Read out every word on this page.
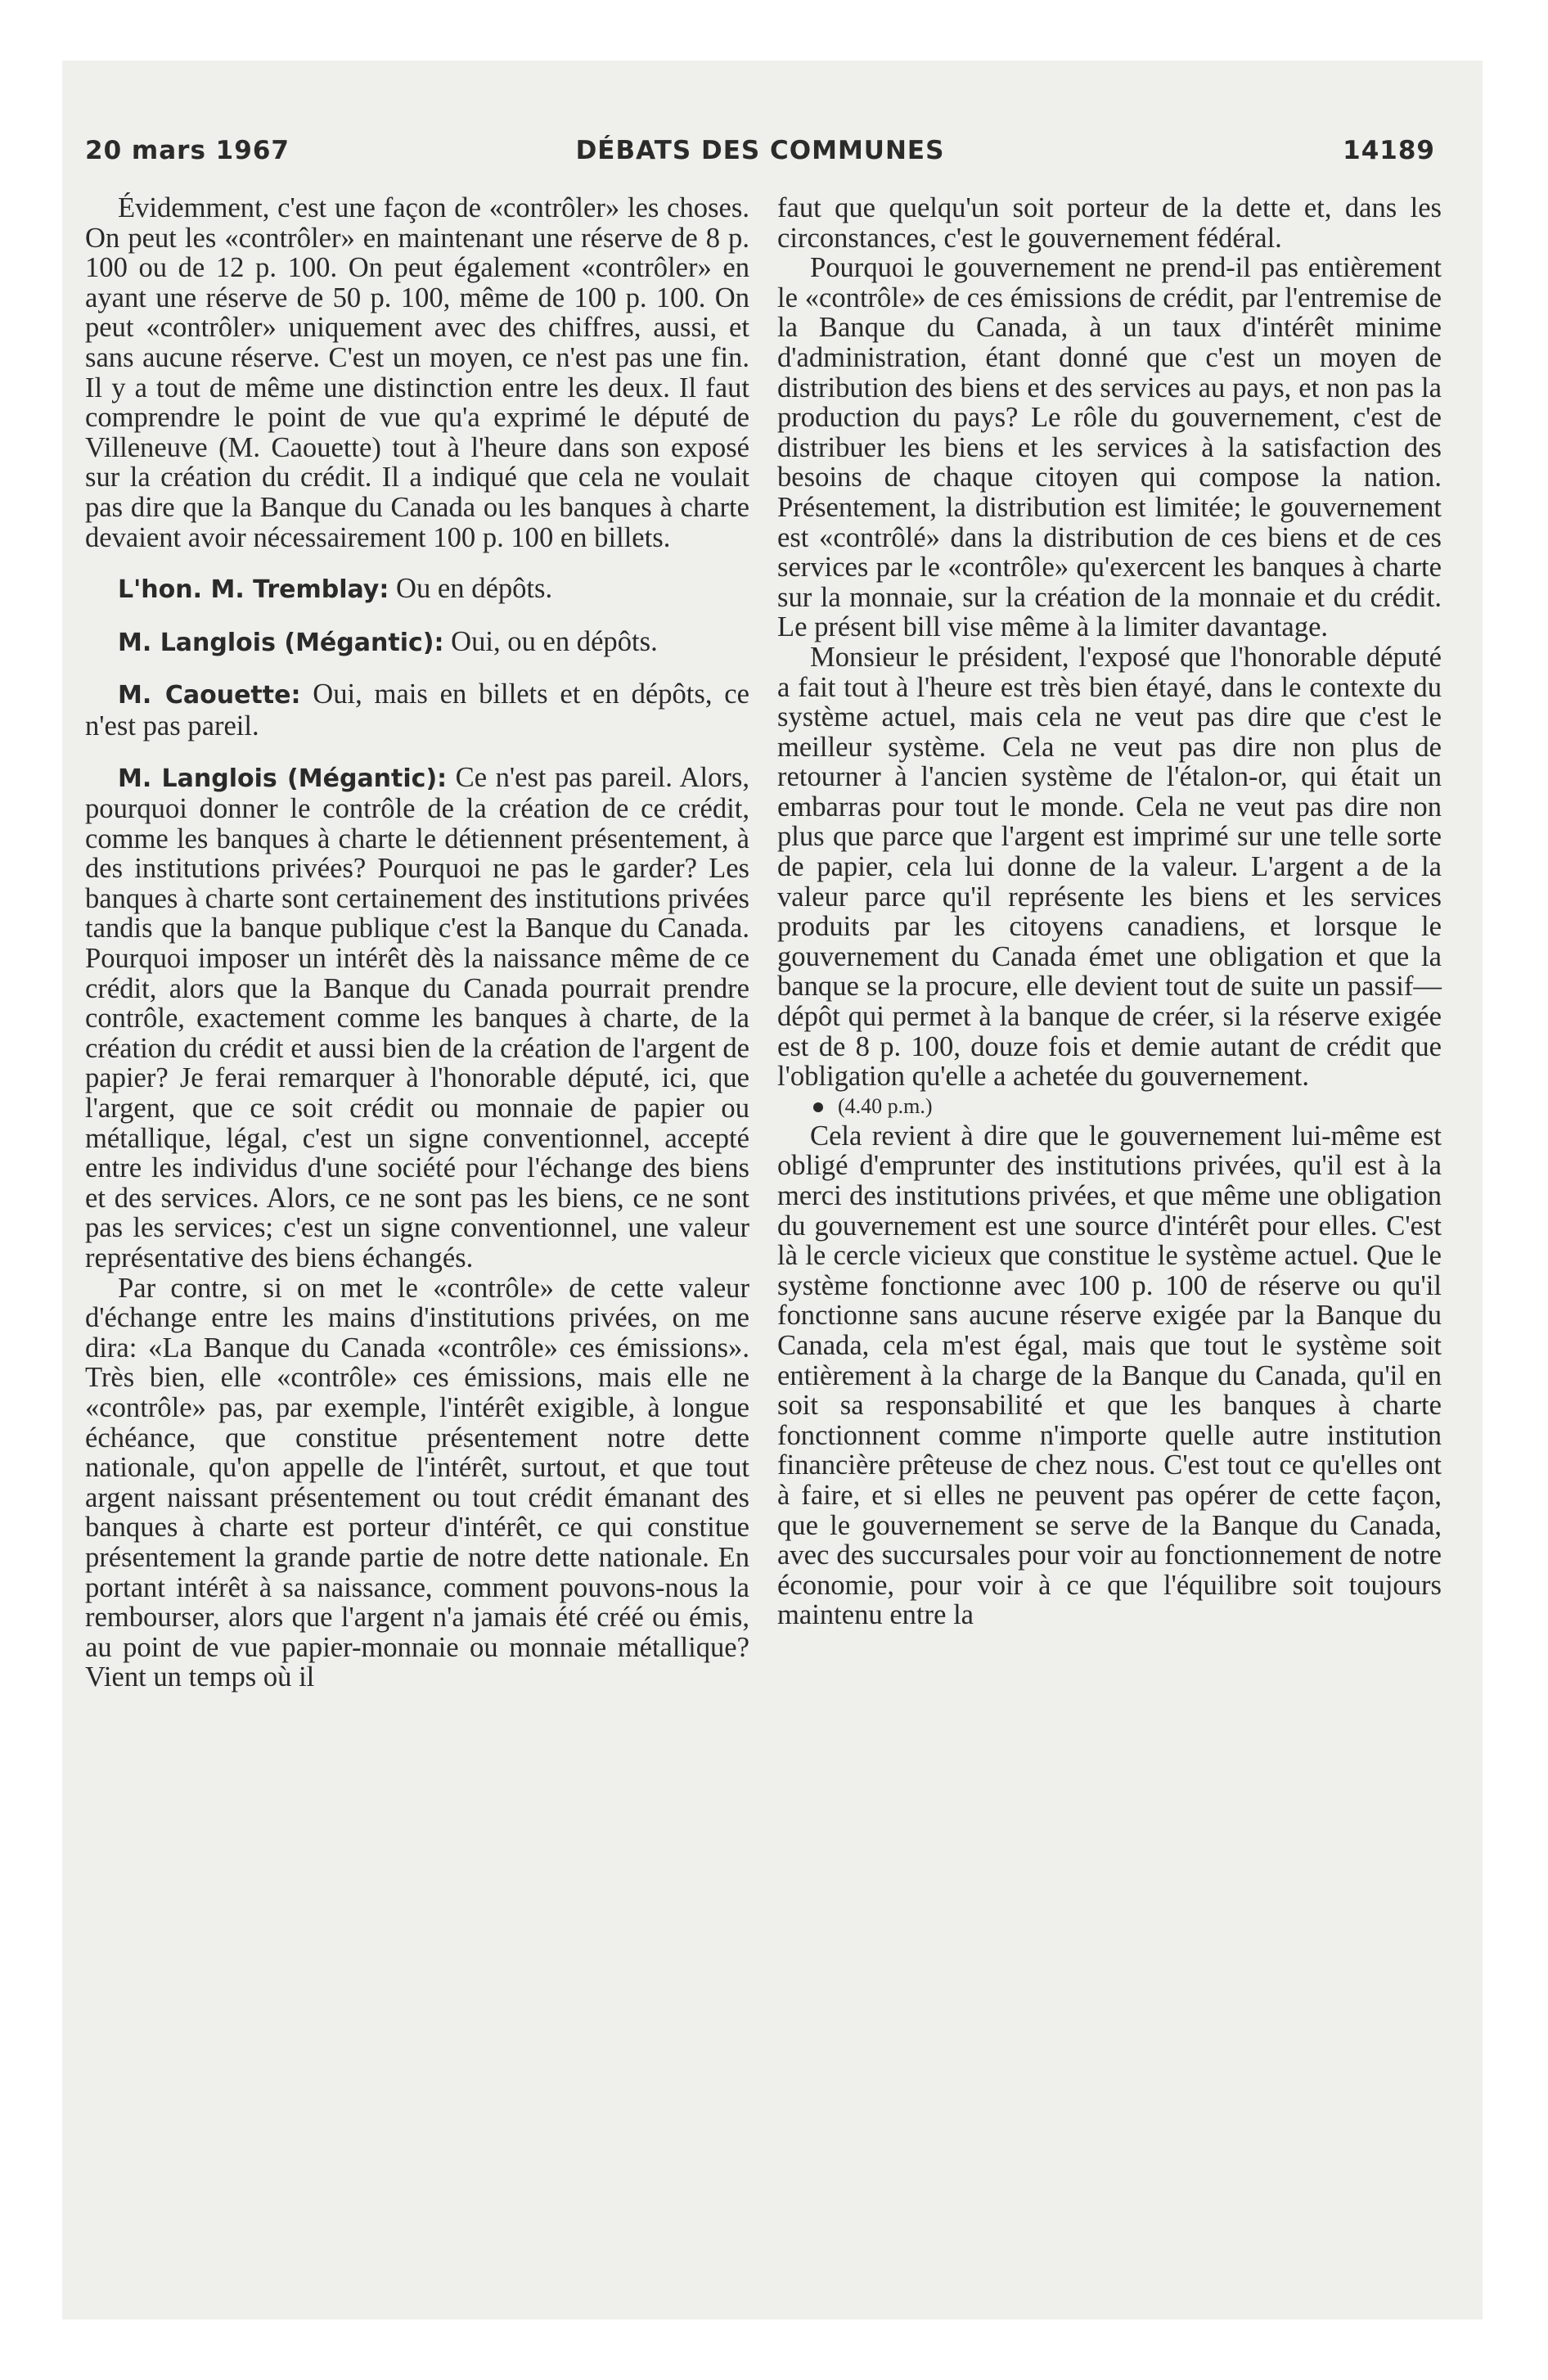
20 mars 1967	DÉBATS DES COMMUNES	14189

Évidemment, c'est une façon de «contrôler» les choses. On peut les «contrôler» en maintenant une réserve de 8 p. 100 ou de 12 p. 100. On peut également «contrôler» en ayant une réserve de 50 p. 100, même de 100 p. 100. On peut «contrôler» uniquement avec des chiffres, aussi, et sans aucune réserve. C'est un moyen, ce n'est pas une fin. Il y a tout de même une distinction entre les deux. Il faut comprendre le point de vue qu'a exprimé le député de Villeneuve (M. Caouette) tout à l'heure dans son exposé sur la création du crédit. Il a indiqué que cela ne voulait pas dire que la Banque du Canada ou les banques à charte devaient avoir nécessairement 100 p. 100 en billets.

L'hon. M. Tremblay: Ou en dépôts.

M. Langlois (Mégantic): Oui, ou en dépôts.

M. Caouette: Oui, mais en billets et en dépôts, ce n'est pas pareil.

M. Langlois (Mégantic): Ce n'est pas pareil. Alors, pourquoi donner le contrôle de la création de ce crédit, comme les banques à charte le détiennent présentement, à des institutions privées? Pourquoi ne pas le garder? Les banques à charte sont certainement des institutions privées tandis que la banque publique c'est la Banque du Canada. Pourquoi imposer un intérêt dès la naissance même de ce crédit, alors que la Banque du Canada pourrait prendre contrôle, exactement comme les banques à charte, de la création du crédit et aussi bien de la création de l'argent de papier? Je ferai remarquer à l'honorable député, ici, que l'argent, que ce soit crédit ou monnaie de papier ou métallique, légal, c'est un signe conventionnel, accepté entre les individus d'une société pour l'échange des biens et des services. Alors, ce ne sont pas les biens, ce ne sont pas les services; c'est un signe conventionnel, une valeur représentative des biens échangés.

Par contre, si on met le «contrôle» de cette valeur d'échange entre les mains d'institutions privées, on me dira: «La Banque du Canada «contrôle» ces émissions». Très bien, elle «contrôle» ces émissions, mais elle ne «contrôle» pas, par exemple, l'intérêt exigible, à longue échéance, que constitue présentement notre dette nationale, qu'on appelle de l'intérêt, surtout, et que tout argent naissant présentement ou tout crédit émanant des banques à charte est porteur d'intérêt, ce qui constitue présentement la grande partie de notre dette nationale. En portant intérêt à sa naissance, comment pouvons-nous la rembourser, alors que l'argent n'a jamais été créé ou émis, au point de vue papier-monnaie ou monnaie métallique? Vient un temps où il

faut que quelqu'un soit porteur de la dette et, dans les circonstances, c'est le gouvernement fédéral.

Pourquoi le gouvernement ne prend-il pas entièrement le «contrôle» de ces émissions de crédit, par l'entremise de la Banque du Canada, à un taux d'intérêt minime d'administration, étant donné que c'est un moyen de distribution des biens et des services au pays, et non pas la production du pays? Le rôle du gouvernement, c'est de distribuer les biens et les services à la satisfaction des besoins de chaque citoyen qui compose la nation. Présentement, la distribution est limitée; le gouvernement est «contrôlé» dans la distribution de ces biens et de ces services par le «contrôle» qu'exercent les banques à charte sur la monnaie, sur la création de la monnaie et du crédit. Le présent bill vise même à la limiter davantage.

Monsieur le président, l'exposé que l'honorable député a fait tout à l'heure est très bien étayé, dans le contexte du système actuel, mais cela ne veut pas dire que c'est le meilleur système. Cela ne veut pas dire non plus de retourner à l'ancien système de l'étalon-or, qui était un embarras pour tout le monde. Cela ne veut pas dire non plus que parce que l'argent est imprimé sur une telle sorte de papier, cela lui donne de la valeur. L'argent a de la valeur parce qu'il représente les biens et les services produits par les citoyens canadiens, et lorsque le gouvernement du Canada émet une obligation et que la banque se la procure, elle devient tout de suite un passif—dépôt qui permet à la banque de créer, si la réserve exigée est de 8 p. 100, douze fois et demie autant de crédit que l'obligation qu'elle a achetée du gouvernement.

(4.40 p.m.)

Cela revient à dire que le gouvernement lui-même est obligé d'emprunter des institutions privées, qu'il est à la merci des institutions privées, et que même une obligation du gouvernement est une source d'intérêt pour elles. C'est là le cercle vicieux que constitue le système actuel. Que le système fonctionne avec 100 p. 100 de réserve ou qu'il fonctionne sans aucune réserve exigée par la Banque du Canada, cela m'est égal, mais que tout le système soit entièrement à la charge de la Banque du Canada, qu'il en soit sa responsabilité et que les banques à charte fonctionnent comme n'importe quelle autre institution financière prêteuse de chez nous. C'est tout ce qu'elles ont à faire, et si elles ne peuvent pas opérer de cette façon, que le gouvernement se serve de la Banque du Canada, avec des succursales pour voir au fonctionnement de notre économie, pour voir à ce que l'équilibre soit toujours maintenu entre la
